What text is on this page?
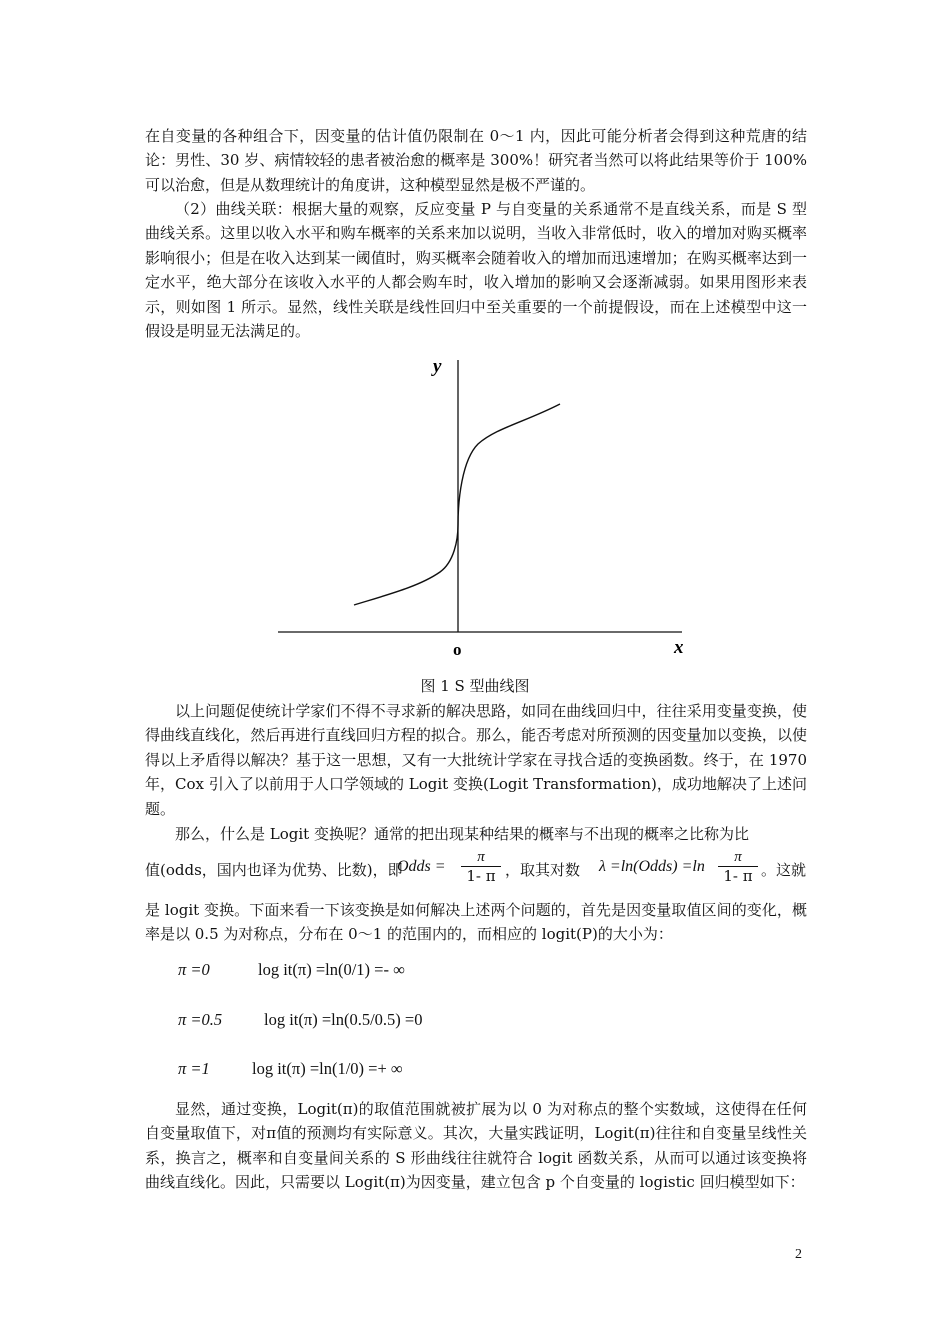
在自变量的各种组合下，因变量的估计值仍限制在 0～1 内，因此可能分析者会得到这种荒唐的结论：男性、30 岁、病情较轻的患者被治愈的概率是 300%！研究者当然可以将此结果等价于 100%可以治愈，但是从数理统计的角度讲，这种模型显然是极不严谨的。

（2）曲线关联：根据大量的观察，反应变量 P 与自变量的关系通常不是直线关系，而是 S 型曲线关系。这里以收入水平和购车概率的关系来加以说明，当收入非常低时，收入的增加对购买概率影响很小；但是在收入达到某一阈值时，购买概率会随着收入的增加而迅速增加；在购买概率达到一定水平，绝大部分在该收入水平的人都会购车时，收入增加的影响又会逐渐减弱。如果用图形来表示，则如图 1 所示。显然，线性关联是线性回归中至关重要的一个前提假设，而在上述模型中这一假设是明显无法满足的。

y
x
o
图 1 S 型曲线图

以上问题促使统计学家们不得不寻求新的解决思路，如同在曲线回归中，往往采用变量变换，使得曲线直线化，然后再进行直线回归方程的拟合。那么，能否考虑对所预测的因变量加以变换，以使得以上矛盾得以解决？基于这一思想，又有一大批统计学家在寻找合适的变换函数。终于，在 1970 年，Cox 引入了以前用于人口学领域的 Logit 变换(Logit Transformation)，成功地解决了上述问题。

那么，什么是 Logit 变换呢？通常的把出现某种结果的概率与不出现的概率之比称为比

值(odds，国内也译为优势、比数)，即
Odds = $\frac{\pi}{1- \pi}$ ，取其对数 λ =ln(Odds) $=\ln \frac{\pi}{1- \pi}$ 。这就

是 logit 变换。下面来看一下该变换是如何解决上述两个问题的，首先是因变量取值区间的变化，概率是以 0.5 为对称点，分布在 0～1 的范围内的，而相应的 logit(P)的大小为：

π =0	log it(π) =ln(0/1) =- ∞
π =0.5	log it(π) =ln(0.5/0.5) =0
π =1	log it(π) =ln(1/0) =+ ∞

显然，通过变换，Logit(π)的取值范围就被扩展为以 0 为对称点的整个实数域，这使得在任何自变量取值下，对π值的预测均有实际意义。其次，大量实践证明，Logit(π)往往和自变量呈线性关系，换言之，概率和自变量间关系的 S 形曲线往往就符合 logit 函数关系，从而可以通过该变换将曲线直线化。因此，只需要以 Logit(π)为因变量，建立包含 p 个自变量的 logistic 回归模型如下：

2
